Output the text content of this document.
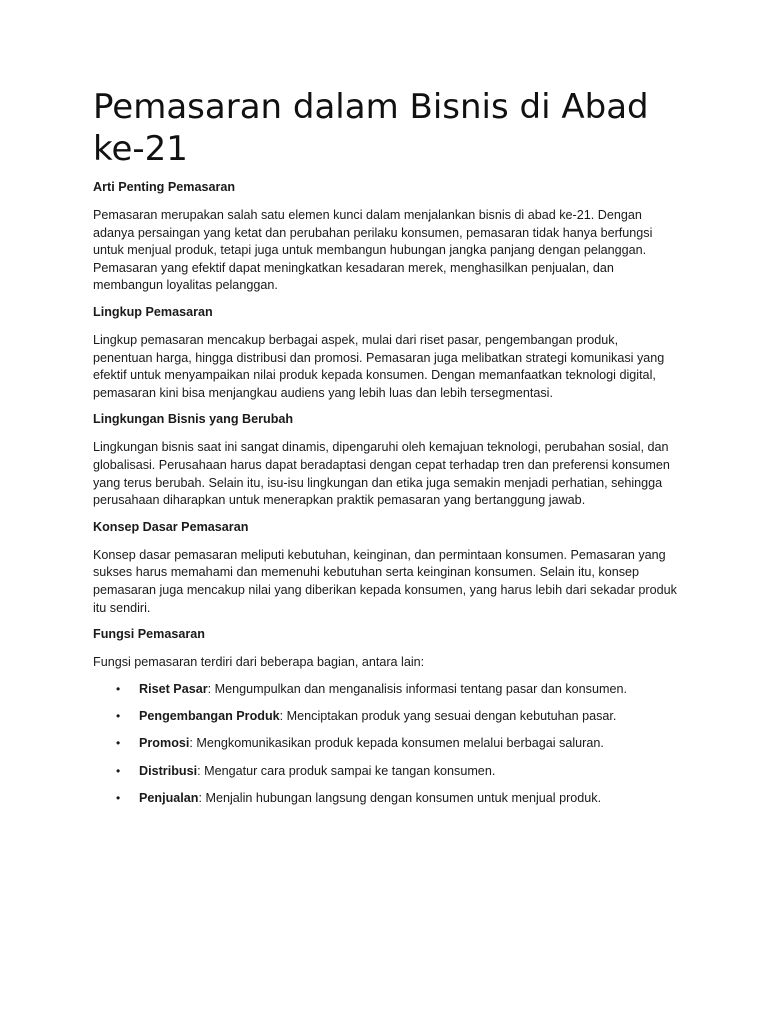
Pemasaran dalam Bisnis di Abad ke-21
Arti Penting Pemasaran

Pemasaran merupakan salah satu elemen kunci dalam menjalankan bisnis di abad ke-21. Dengan adanya persaingan yang ketat dan perubahan perilaku konsumen, pemasaran tidak hanya berfungsi untuk menjual produk, tetapi juga untuk membangun hubungan jangka panjang dengan pelanggan. Pemasaran yang efektif dapat meningkatkan kesadaran merek, menghasilkan penjualan, dan membangun loyalitas pelanggan.

Lingkup Pemasaran

Lingkup pemasaran mencakup berbagai aspek, mulai dari riset pasar, pengembangan produk, penentuan harga, hingga distribusi dan promosi. Pemasaran juga melibatkan strategi komunikasi yang efektif untuk menyampaikan nilai produk kepada konsumen. Dengan memanfaatkan teknologi digital, pemasaran kini bisa menjangkau audiens yang lebih luas dan lebih tersegmentasi.

Lingkungan Bisnis yang Berubah

Lingkungan bisnis saat ini sangat dinamis, dipengaruhi oleh kemajuan teknologi, perubahan sosial, dan globalisasi. Perusahaan harus dapat beradaptasi dengan cepat terhadap tren dan preferensi konsumen yang terus berubah. Selain itu, isu-isu lingkungan dan etika juga semakin menjadi perhatian, sehingga perusahaan diharapkan untuk menerapkan praktik pemasaran yang bertanggung jawab.

Konsep Dasar Pemasaran

Konsep dasar pemasaran meliputi kebutuhan, keinginan, dan permintaan konsumen. Pemasaran yang sukses harus memahami dan memenuhi kebutuhan serta keinginan konsumen. Selain itu, konsep pemasaran juga mencakup nilai yang diberikan kepada konsumen, yang harus lebih dari sekadar produk itu sendiri.

Fungsi Pemasaran

Fungsi pemasaran terdiri dari beberapa bagian, antara lain:

• Riset Pasar: Mengumpulkan dan menganalisis informasi tentang pasar dan konsumen.
• Pengembangan Produk: Menciptakan produk yang sesuai dengan kebutuhan pasar.
• Promosi: Mengkomunikasikan produk kepada konsumen melalui berbagai saluran.
• Distribusi: Mengatur cara produk sampai ke tangan konsumen.
• Penjualan: Menjalin hubungan langsung dengan konsumen untuk menjual produk.
